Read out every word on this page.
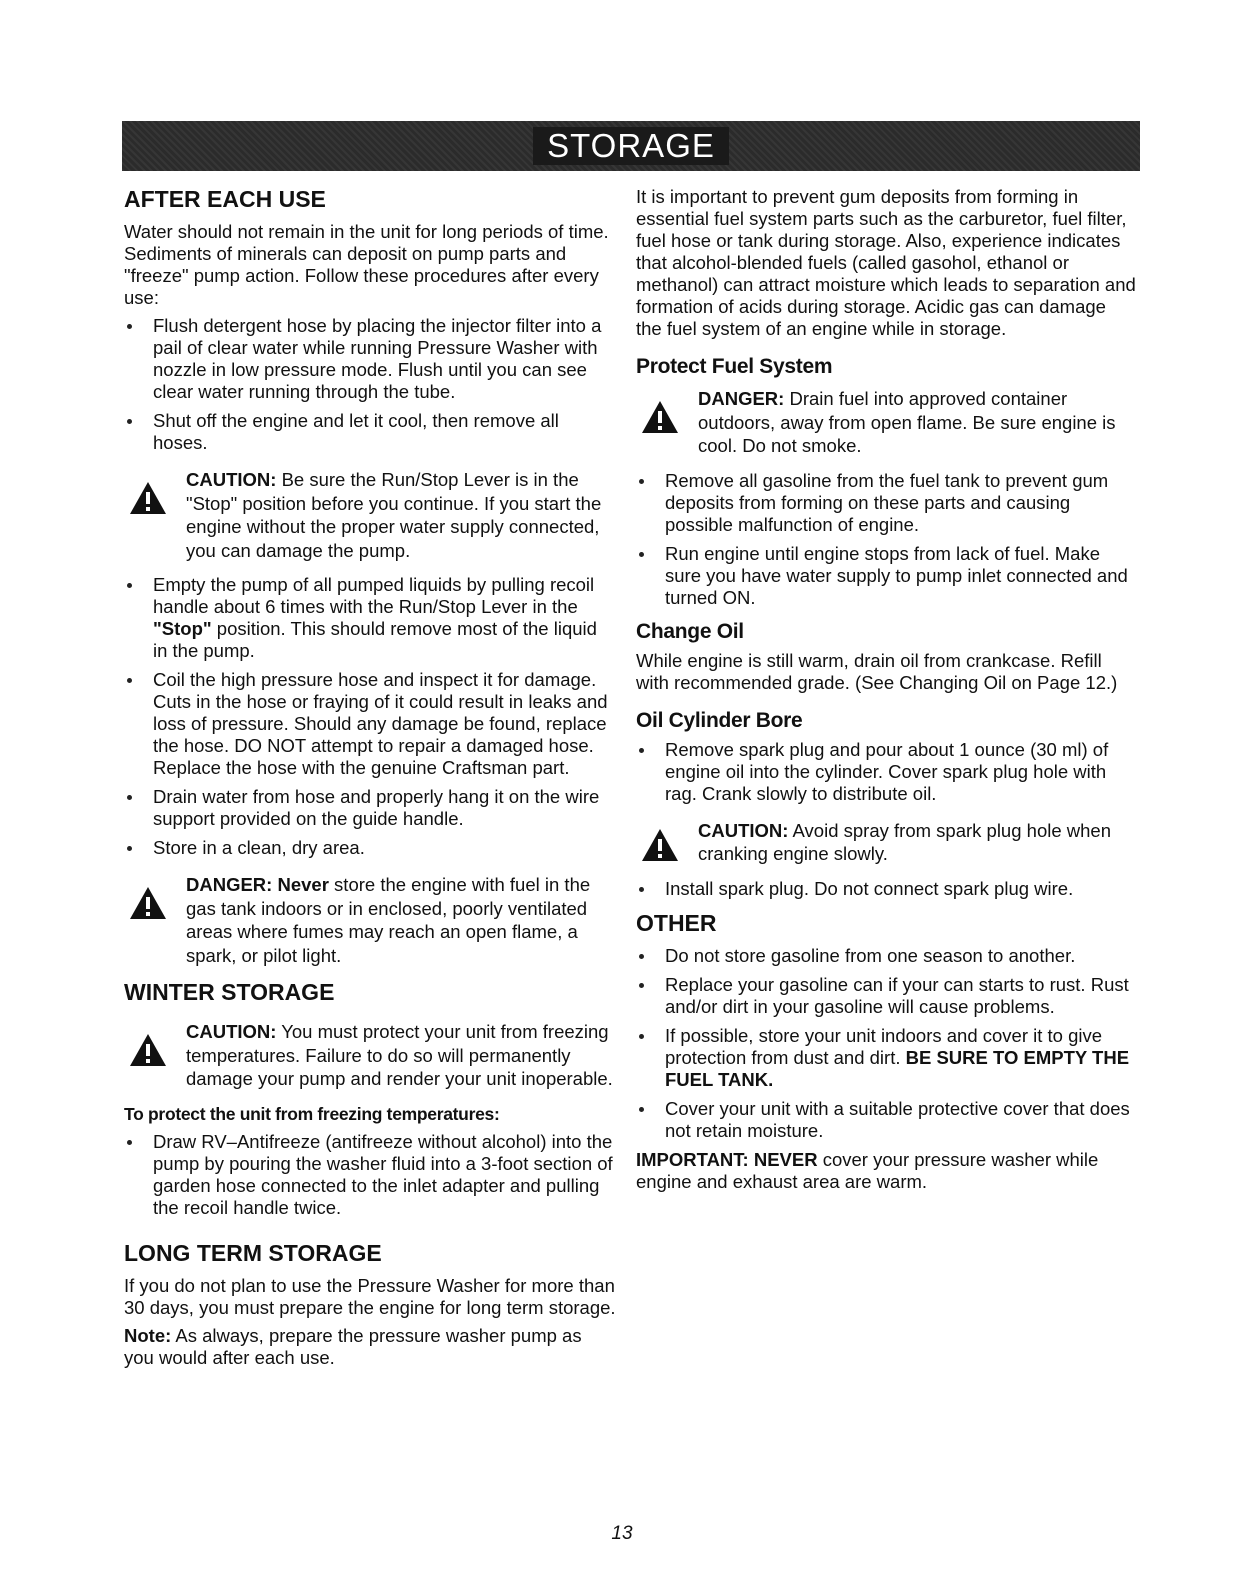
STORAGE
AFTER EACH USE

Water should not remain in the unit for long periods of time. Sediments of minerals can deposit on pump parts and "freeze" pump action. Follow these procedures after every use:

Flush detergent hose by placing the injector filter into a pail of clear water while running Pressure Washer with nozzle in low pressure mode. Flush until you can see clear water running through the tube.
Shut off the engine and let it cool, then remove all hoses.

CAUTION: Be sure the Run/Stop Lever is in the "Stop" position before you continue. If you start the engine without the proper water supply connected, you can damage the pump.

Empty the pump of all pumped liquids by pulling recoil handle about 6 times with the Run/Stop Lever in the "Stop" position. This should remove most of the liquid in the pump.
Coil the high pressure hose and inspect it for damage. Cuts in the hose or fraying of it could result in leaks and loss of pressure. Should any damage be found, replace the hose. DO NOT attempt to repair a damaged hose. Replace the hose with the genuine Craftsman part.
Drain water from hose and properly hang it on the wire support provided on the guide handle.
Store in a clean, dry area.

DANGER: Never store the engine with fuel in the gas tank indoors or in enclosed, poorly ventilated areas where fumes may reach an open flame, a spark, or pilot light.

WINTER STORAGE

CAUTION: You must protect your unit from freezing temperatures. Failure to do so will permanently damage your pump and render your unit inoperable.

To protect the unit from freezing temperatures:
Draw RV–Antifreeze (antifreeze without alcohol) into the pump by pouring the washer fluid into a 3-foot section of garden hose connected to the inlet adapter and pulling the recoil handle twice.
LONG TERM STORAGE

If you do not plan to use the Pressure Washer for more than 30 days, you must prepare the engine for long term storage.

Note: As always, prepare the pressure washer pump as you would after each use.

It is important to prevent gum deposits from forming in essential fuel system parts such as the carburetor, fuel filter, fuel hose or tank during storage. Also, experience indicates that alcohol-blended fuels (called gasohol, ethanol or methanol) can attract moisture which leads to separation and formation of acids during storage. Acidic gas can damage the fuel system of an engine while in storage.

Protect Fuel System

DANGER: Drain fuel into approved container outdoors, away from open flame. Be sure engine is cool. Do not smoke.

Remove all gasoline from the fuel tank to prevent gum deposits from forming on these parts and causing possible malfunction of engine.
Run engine until engine stops from lack of fuel. Make sure you have water supply to pump inlet connected and turned ON.
Change Oil

While engine is still warm, drain oil from crankcase. Refill with recommended grade. (See Changing Oil on Page 12.)

Oil Cylinder Bore
Remove spark plug and pour about 1 ounce (30 ml) of engine oil into the cylinder. Cover spark plug hole with rag. Crank slowly to distribute oil.

CAUTION: Avoid spray from spark plug hole when cranking engine slowly.

Install spark plug. Do not connect spark plug wire.
OTHER
Do not store gasoline from one season to another.
Replace your gasoline can if your can starts to rust. Rust and/or dirt in your gasoline will cause problems.
If possible, store your unit indoors and cover it to give protection from dust and dirt. BE SURE TO EMPTY THE FUEL TANK.
Cover your unit with a suitable protective cover that does not retain moisture.

IMPORTANT: NEVER cover your pressure washer while engine and exhaust area are warm.

13
